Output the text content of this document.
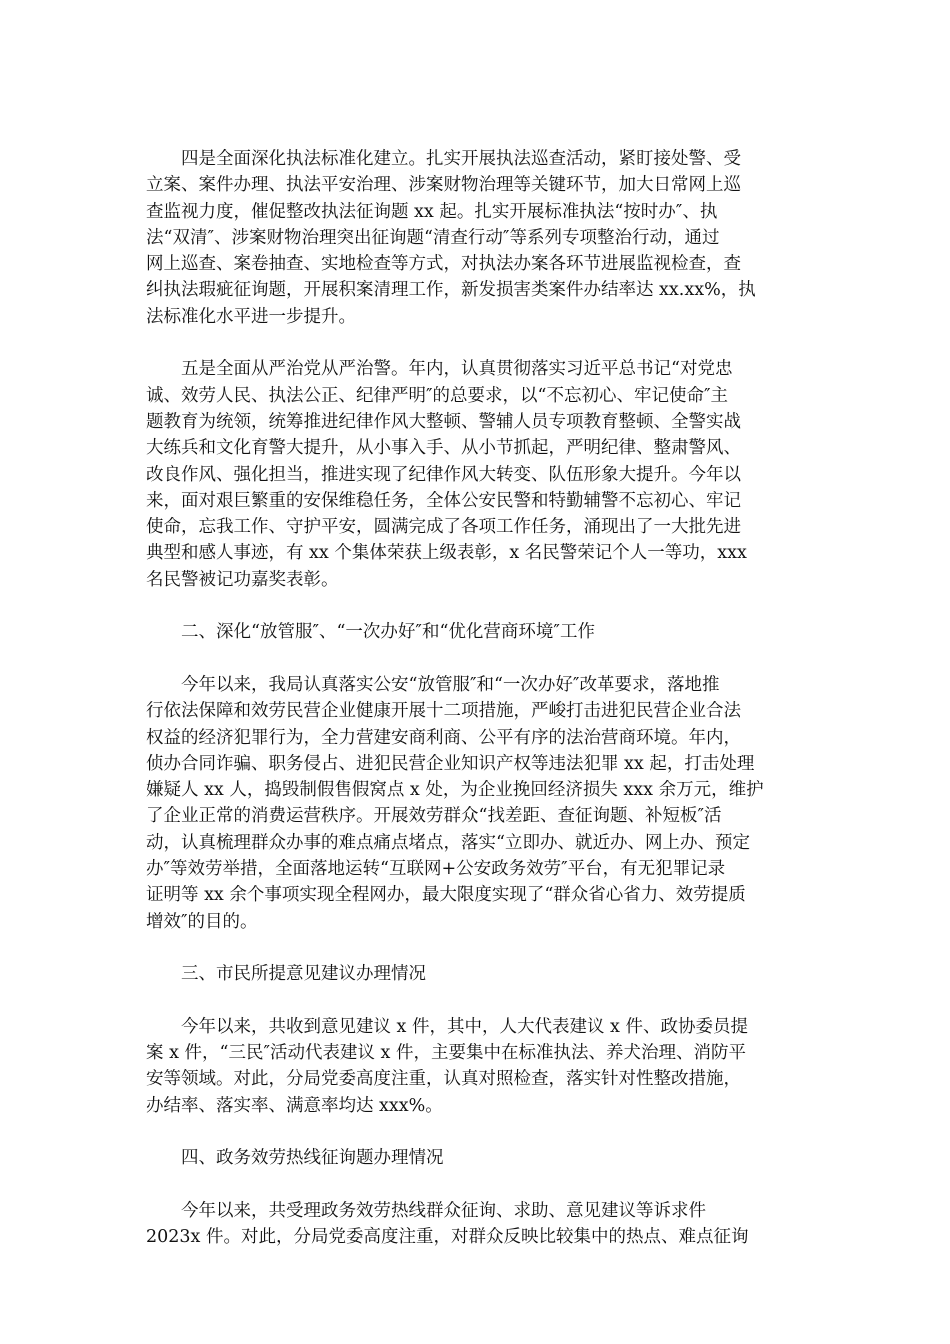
四是全面深化执法标准化建立。扎实开展执法巡查活动，紧盯接处警、受
立案、案件办理、执法平安治理、涉案财物治理等关键环节，加大日常网上巡
查监视力度，催促整改执法征询题 xx 起。扎实开展标准执法“按时办″、执
法“双清″、涉案财物治理突出征询题“清查行动″等系列专项整治行动，通过
网上巡查、案卷抽查、实地检查等方式，对执法办案各环节进展监视检查，查
纠执法瑕疵征询题，开展积案清理工作，新发损害类案件办结率达 xx.xx%，执
法标准化水平进一步提升。
五是全面从严治党从严治警。年内，认真贯彻落实习近平总书记“对党忠
诚、效劳人民、执法公正、纪律严明″的总要求，以“不忘初心、牢记使命″主
题教育为统领，统筹推进纪律作风大整顿、警辅人员专项教育整顿、全警实战
大练兵和文化育警大提升，从小事入手、从小节抓起，严明纪律、整肃警风、
改良作风、强化担当，推进实现了纪律作风大转变、队伍形象大提升。今年以
来，面对艰巨繁重的安保维稳任务，全体公安民警和特勤辅警不忘初心、牢记
使命，忘我工作、守护平安，圆满完成了各项工作任务，涌现出了一大批先进
典型和感人事迹，有 xx 个集体荣获上级表彰，x 名民警荣记个人一等功，xxx
名民警被记功嘉奖表彰。
二、深化“放管服″、“一次办好″和“优化营商环境″工作
今年以来，我局认真落实公安“放管服″和“一次办好″改革要求，落地推
行依法保障和效劳民营企业健康开展十二项措施，严峻打击进犯民营企业合法
权益的经济犯罪行为，全力营建安商利商、公平有序的法治营商环境。年内，
侦办合同诈骗、职务侵占、进犯民营企业知识产权等违法犯罪 xx 起，打击处理
嫌疑人 xx 人，捣毁制假售假窝点 x 处，为企业挽回经济损失 xxx 余万元，维护
了企业正常的消费运营秩序。开展效劳群众“找差距、查征询题、补短板″活
动，认真梳理群众办事的难点痛点堵点，落实“立即办、就近办、网上办、预定
办″等效劳举措，全面落地运转“互联网+公安政务效劳″平台，有无犯罪记录
证明等 xx 余个事项实现全程网办，最大限度实现了“群众省心省力、效劳提质
增效″的目的。
三、市民所提意见建议办理情况
今年以来，共收到意见建议 x 件，其中，人大代表建议 x 件、政协委员提
案 x 件，“三民″活动代表建议 x 件，主要集中在标准执法、养犬治理、消防平
安等领域。对此，分局党委高度注重，认真对照检查，落实针对性整改措施，
办结率、落实率、满意率均达 xxx%。
四、政务效劳热线征询题办理情况
今年以来，共受理政务效劳热线群众征询、求助、意见建议等诉求件
2023x 件。对此，分局党委高度注重，对群众反映比较集中的热点、难点征询
